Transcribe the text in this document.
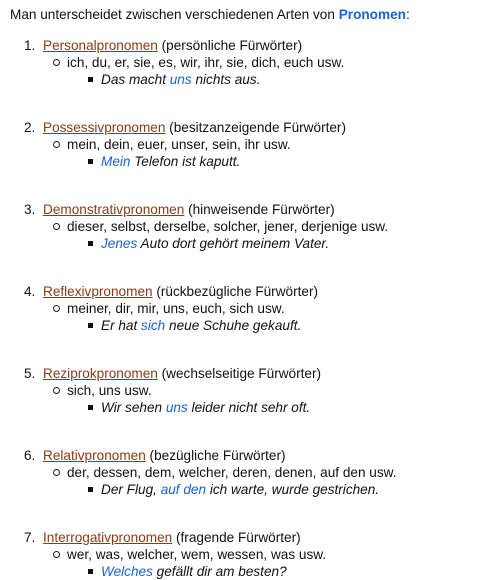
Man unterscheidet zwischen verschiedenen Arten von Pronomen:

1. Personalpronomen (persönliche Fürwörter)
ich, du, er, sie, es, wir, ihr, sie, dich, euch usw.
Das macht uns nichts aus.
2. Possessivpronomen (besitzanzeigende Fürwörter)
mein, dein, euer, unser, sein, ihr usw.
Mein Telefon ist kaputt.
3. Demonstrativpronomen (hinweisende Fürwörter)
dieser, selbst, derselbe, solcher, jener, derjenige usw.
Jenes Auto dort gehört meinem Vater.
4. Reflexivpronomen (rückbezügliche Fürwörter)
meiner, dir, mir, uns, euch, sich usw.
Er hat sich neue Schuhe gekauft.
5. Reziprokpronomen (wechselseitige Fürwörter)
sich, uns usw.
Wir sehen uns leider nicht sehr oft.
6. Relativpronomen (bezügliche Fürwörter)
der, dessen, dem, welcher, deren, denen, auf den usw.
Der Flug, auf den ich warte, wurde gestrichen.
7. Interrogativpronomen (fragende Fürwörter)
wer, was, welcher, wem, wessen, was usw.
Welches gefällt dir am besten?
